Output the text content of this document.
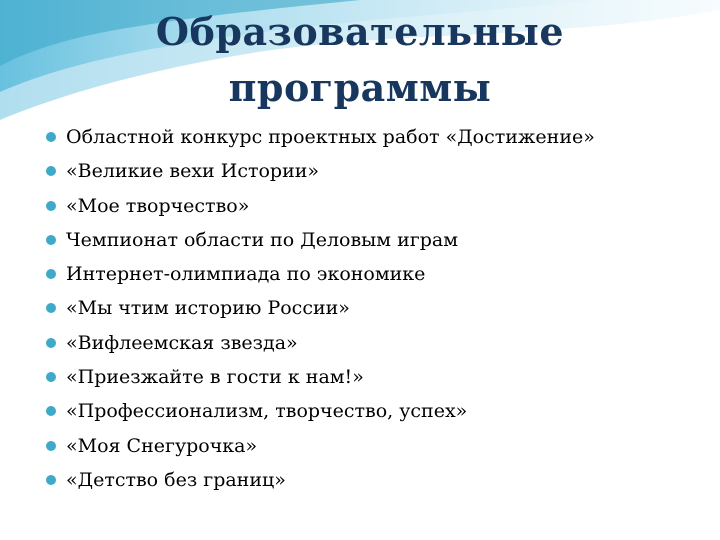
Образовательные
программы
Областной конкурс проектных работ «Достижение»
«Великие вехи Истории»
«Мое творчество»
Чемпионат области по Деловым играм
Интернет-олимпиада по экономике
«Мы чтим историю России»
«Вифлеемская звезда»
«Приезжайте в гости к нам!»
«Профессионализм, творчество, успех»
«Моя Снегурочка»
«Детство без границ»
